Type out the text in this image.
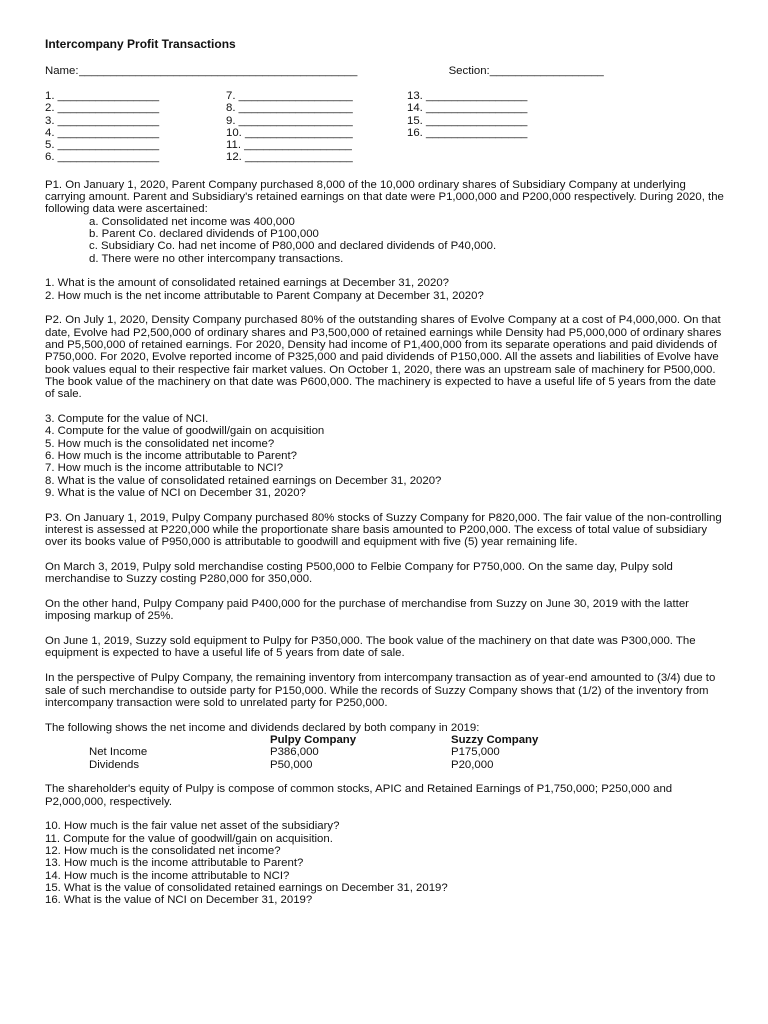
Intercompany Profit Transactions

Name: ____________________________________________	Section: __________________
1. ________________
2. ________________
3. ________________
4. ________________
5. ________________
6. ________________
7. __________________
8. __________________
9. __________________
10. _________________
11. _________________
12. _________________
13. ________________
14. ________________
15. ________________
16. ________________

P1. On January 1, 2020, Parent Company purchased 8,000 of the 10,000 ordinary shares of Subsidiary Company at underlying carrying amount. Parent and Subsidiary's retained earnings on that date were P1,000,000 and P200,000 respectively. During 2020, the following data were ascertained:

a. Consolidated net income was 400,000

b. Parent Co. declared dividends of P100,000

c. Subsidiary Co. had net income of P80,000 and declared dividends of P40,000.

d. There were no other intercompany transactions.

1. What is the amount of consolidated retained earnings at December 31, 2020?

2. How much is the net income attributable to Parent Company at December 31, 2020?

P2. On July 1, 2020, Density Company purchased 80% of the outstanding shares of Evolve Company at a cost of P4,000,000. On that date, Evolve had P2,500,000 of ordinary shares and P3,500,000 of retained earnings while Density had P5,000,000 of ordinary shares and P5,500,000 of retained earnings. For 2020, Density had income of P1,400,000 from its separate operations and paid dividends of P750,000. For 2020, Evolve reported income of P325,000 and paid dividends of P150,000. All the assets and liabilities of Evolve have book values equal to their respective fair market values. On October 1, 2020, there was an upstream sale of machinery for P500,000. The book value of the machinery on that date was P600,000. The machinery is expected to have a useful life of 5 years from the date of sale.

3. Compute for the value of NCI.

4. Compute for the value of goodwill/gain on acquisition

5. How much is the consolidated net income?

6. How much is the income attributable to Parent?

7. How much is the income attributable to NCI?

8. What is the value of consolidated retained earnings on December 31, 2020?

9. What is the value of NCI on December 31, 2020?

P3. On January 1, 2019, Pulpy Company purchased 80% stocks of Suzzy Company for P820,000. The fair value of the non-controlling interest is assessed at P220,000 while the proportionate share basis amounted to P200,000. The excess of total value of subsidiary over its books value of P950,000 is attributable to goodwill and equipment with five (5) year remaining life.

On March 3, 2019, Pulpy sold merchandise costing P500,000 to Felbie Company for P750,000. On the same day, Pulpy sold merchandise to Suzzy costing P280,000 for 350,000.

On the other hand, Pulpy Company paid P400,000 for the purchase of merchandise from Suzzy on June 30, 2019 with the latter imposing markup of 25%.

On June 1, 2019, Suzzy sold equipment to Pulpy for P350,000. The book value of the machinery on that date was P300,000. The equipment is expected to have a useful life of 5 years from date of sale.

In the perspective of Pulpy Company, the remaining inventory from intercompany transaction as of year-end amounted to (3/4) due to sale of such merchandise to outside party for P150,000. While the records of Suzzy Company shows that (1/2) of the inventory from intercompany transaction were sold to unrelated party for P250,000.

The following shows the net income and dividends declared by both company in 2019:

	Pulpy Company	Suzzy Company
Net Income	P386,000	P175,000
Dividends	P50,000	P20,000

The shareholder's equity of Pulpy is compose of common stocks, APIC and Retained Earnings of P1,750,000; P250,000 and P2,000,000, respectively.

10. How much is the fair value net asset of the subsidiary?

11. Compute for the value of goodwill/gain on acquisition.

12. How much is the consolidated net income?

13. How much is the income attributable to Parent?

14. How much is the income attributable to NCI?

15. What is the value of consolidated retained earnings on December 31, 2019?

16. What is the value of NCI on December 31, 2019?
